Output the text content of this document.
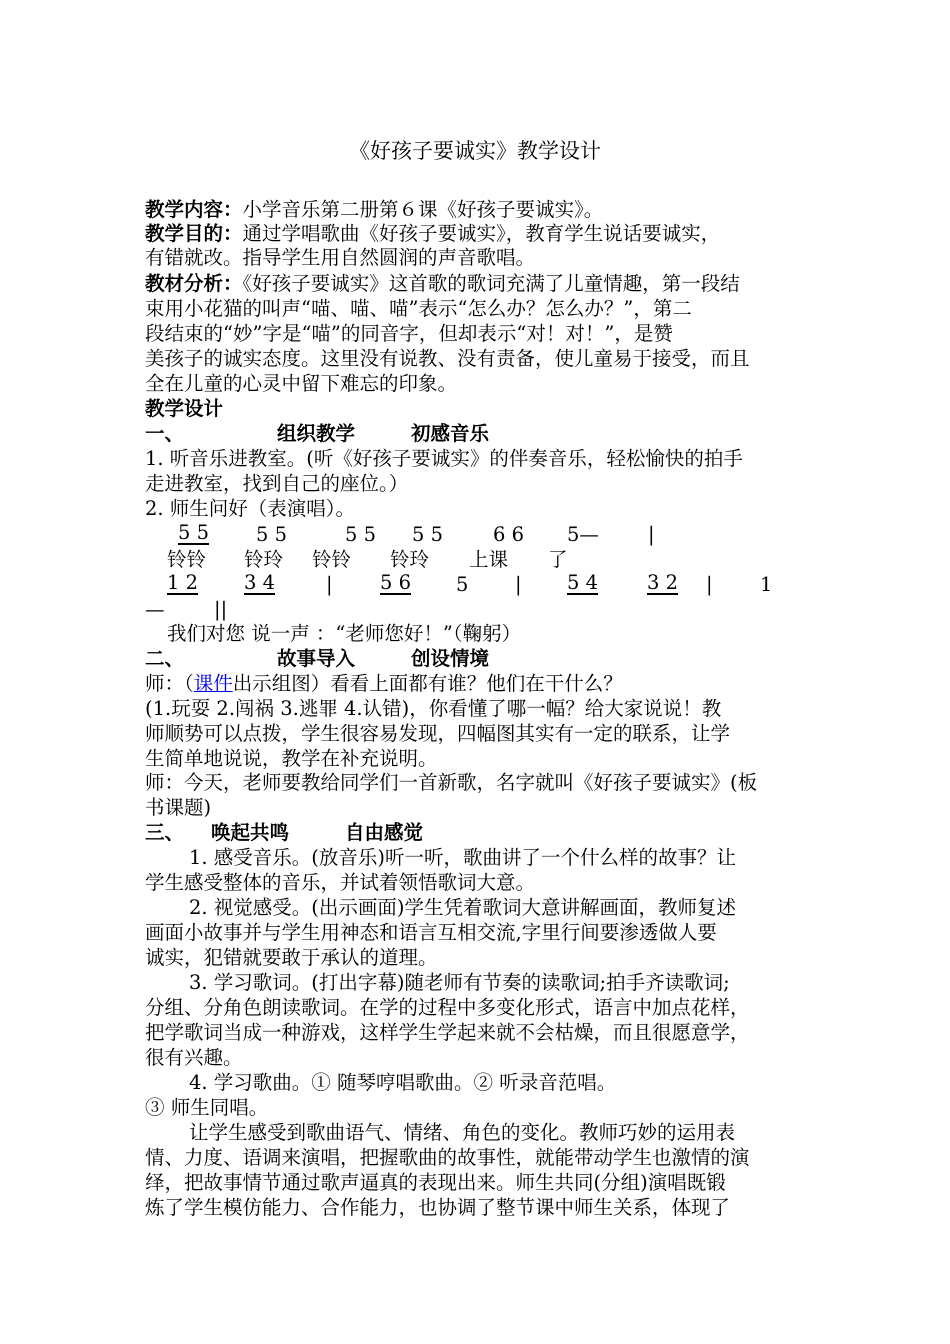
《好孩子要诚实》教学设计
教学内容：小学音乐第二册第６课《好孩子要诚实》。
教学目的：通过学唱歌曲《好孩子要诚实》，教育学生说话要诚实，
有错就改。指导学生用自然圆润的声音歌唱。
教材分析：《好孩子要诚实》这首歌的歌词充满了儿童情趣，第一段结
束用小花猫的叫声“喵、喵、喵”表示“怎么办？怎么办？”，第二
段结束的“妙”字是“喵”的同音字，但却表示“对！对！”，是赞
美孩子的诚实态度。这里没有说教、没有责备，使儿童易于接受，而且
全在儿童的心灵中留下难忘的印象。
教学设计
一、	组织教学	初感音乐
1. 听音乐进教室。(听《好孩子要诚实》的伴奏音乐，轻松愉快的拍手
走进教室，找到自己的座位。）
2. 师生问好（表演唱）。
5 5 5 5	5 5 5 5	6 6 5—	|
铃铃 铃玲 铃铃 铃玲 上课 了
1 2 3 4	| 5 6 5 | 5 4	3 2 | 1
—	||
我们对您 说一声 ：“老师您好！”（鞠躬）
二、	故事导入	创设情境
师：（课件出示组图）看看上面都有谁？他们在干什么？
(1.玩耍 2.闯祸 3.逃罪 4.认错)，你看懂了哪一幅？给大家说说！教
师顺势可以点拨，学生很容易发现，四幅图其实有一定的联系，让学
生简单地说说，教学在补充说明。
师：今天，老师要教给同学们一首新歌，名字就叫《好孩子要诚实》(板
书课题)
三、 唤起共鸣	自由感觉
1. 感受音乐。(放音乐)听一听，歌曲讲了一个什么样的故事？让
学生感受整体的音乐，并试着领悟歌词大意。
2. 视觉感受。(出示画面)学生凭着歌词大意讲解画面，教师复述
画面小故事并与学生用神态和语言互相交流,字里行间要渗透做人要
诚实，犯错就要敢于承认的道理。
3. 学习歌词。(打出字幕)随老师有节奏的读歌词;拍手齐读歌词;
分组、分角色朗读歌词。在学的过程中多变化形式，语言中加点花样，
把学歌词当成一种游戏，这样学生学起来就不会枯燥，而且很愿意学，
很有兴趣。
4. 学习歌曲。① 随琴哼唱歌曲。② 听录音范唱。
③ 师生同唱。
让学生感受到歌曲语气、情绪、角色的变化。教师巧妙的运用表
情、力度、语调来演唱，把握歌曲的故事性，就能带动学生也激情的演
绎，把故事情节通过歌声逼真的表现出来。师生共同(分组)演唱既锻
炼了学生模仿能力、合作能力，也协调了整节课中师生关系，体现了
